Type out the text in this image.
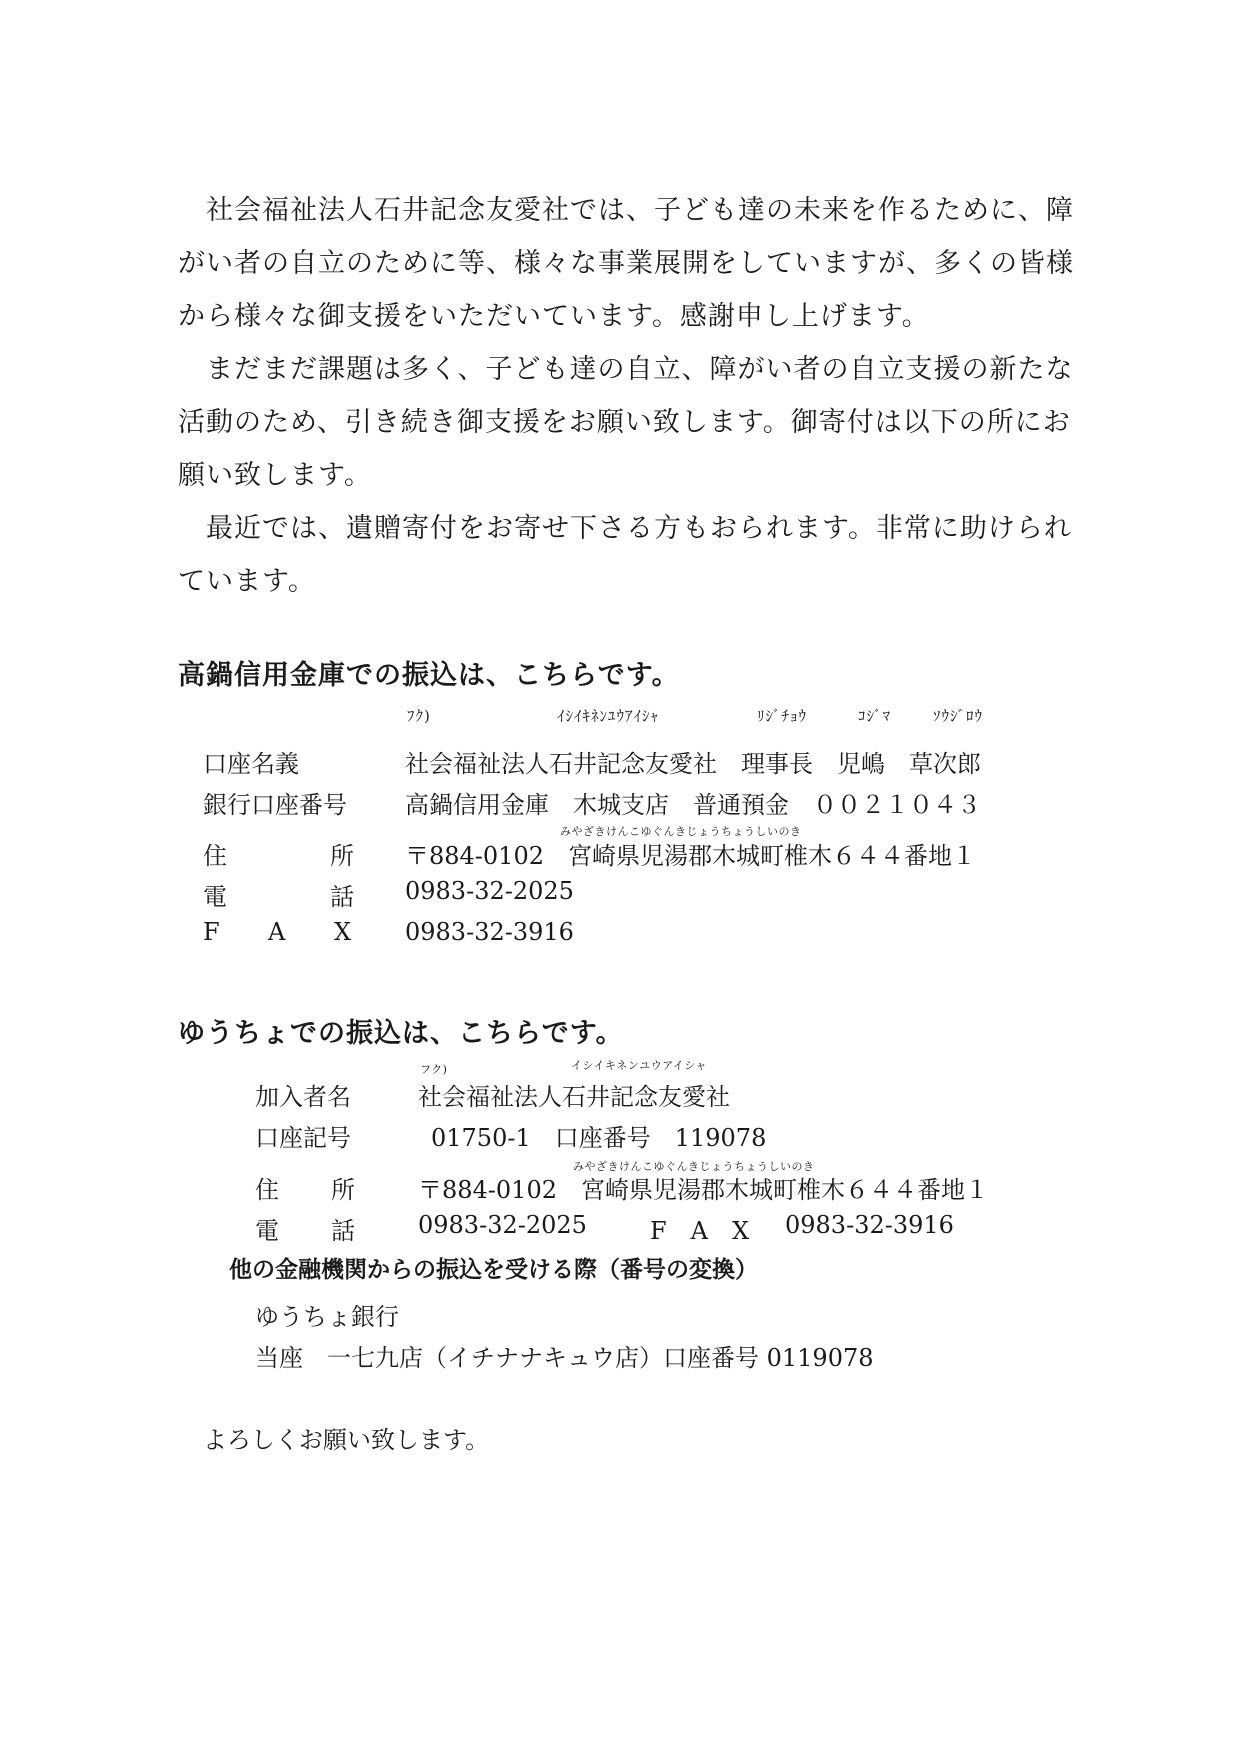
社会福祉法人石井記念友愛社では、子ども達の未来を作るために、障がい者の自立のために等、様々な事業展開をしていますが、多くの皆様から様々な御支援をいただいています。感謝申し上げます。

まだまだ課題は多く、子ども達の自立、障がい者の自立支援の新たな活動のため、引き続き御支援をお願い致します。御寄付は以下の所にお願い致します。

最近では、遺贈寄付をお寄せ下さる方もおられます。非常に助けられています。

高鍋信用金庫での振込は、こちらです。
ﾌｸ)	ｲｼｲｷﾈﾝﾕｳｱｲｼｬ	ﾘｼﾞﾁｮｳ	ｺｼﾞﾏ	ｿｳｼﾞﾛｳ
口座名義	社会福祉法人石井記念友愛社　理事長　児嶋　草次郎
銀行口座番号 高鍋信用金庫　木城支店　普通預金　００２１０４３
みやざきけんこゆぐんきじょうちょうしいのき
住	所 〒884-0102　宮崎県児湯郡木城町椎木６４４番地１
電	話 0983-32-2025
F A X 0983-32-3916
ゆうちょでの振込は、こちらです。
フク)	イシイキネンユウアイシャ
加入者名	社会福祉法人石井記念友愛社
口座記号	01750-1　口座番号　119078
みやざきけんこゆぐんきじょうちょうしいのき
住 所	〒884-0102　宮崎県児湯郡木城町椎木６４４番地１
電 話	0983-32-2025	F　A　X 0983-32-3916
他の金融機関からの振込を受ける際（番号の変換）
ゆうちょ銀行
当座　一七九店（イチナナキュウ店）口座番号 0119078
よろしくお願い致します。
